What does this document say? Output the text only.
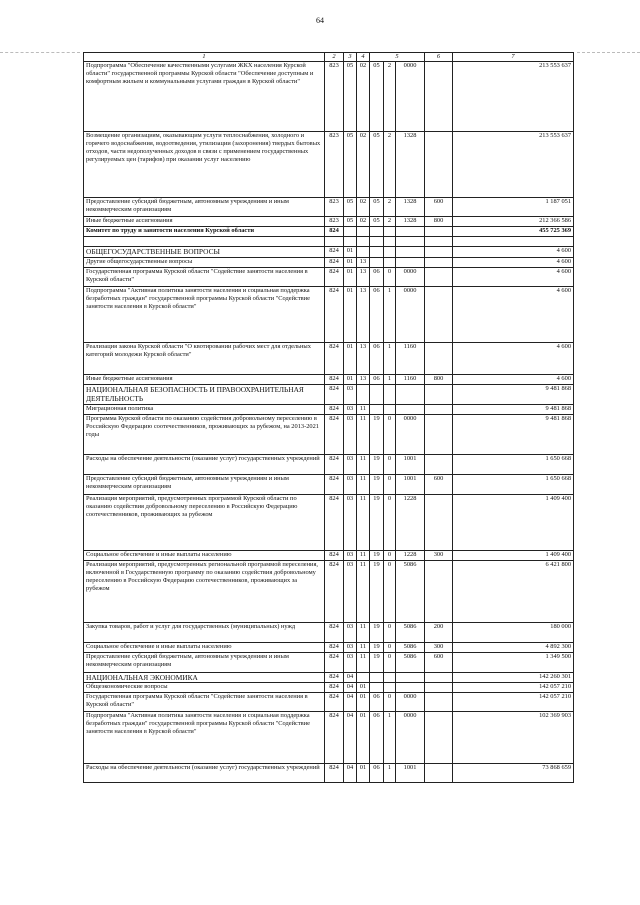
64
1	2	3	4	5			6	7
Подпрограмма "Обеспечение качественными услугами ЖКХ населения Курской области" государственной программы Курской области "Обеспечение доступным и комфортным жильем и коммунальными услугами граждан в Курской области"	823	05	02	05	2	0000		213 553 637
Возмещение организациям, оказывающим услуги теплоснабжения, холодного и горячего водоснабжения, водоотведения, утилизации (захоронения) твердых бытовых отходов, части недополученных доходов в связи с применением государственных регулируемых цен (тарифов) при оказании услуг населению	823	05	02	05	2	1328		213 553 637
Предоставление субсидий бюджетным, автономным учреждениям и иным некоммерческим организациям	823	05	02	05	2	1328	600	1 187 051
Иные бюджетные ассигнования	823	05	02	05	2	1328	800	212 366 586
Комитет по труду и занятости населения Курской области	824							455 725 369

ОБЩЕГОСУДАРСТВЕННЫЕ ВОПРОСЫ	824	01						4 600
Другие общегосударственные вопросы	824	01	13					4 600
Государственная программа Курской области "Содействие занятости населения в Курской области"	824	01	13	06	0	0000		4 600
Подпрограмма "Активная политика занятости населения и социальная поддержка безработных граждан" государственной программы Курской области "Содействие занятости населения в Курской области"	824	01	13	06	1	0000		4 600
Реализация закона Курской области "О квотировании рабочих мест для отдельных категорий молодежи Курской области"	824	01	13	06	1	1160		4 600
Иные бюджетные ассигнования	824	01	13	06	1	1160	800	4 600
НАЦИОНАЛЬНАЯ БЕЗОПАСНОСТЬ И ПРАВООХРАНИТЕЛЬНАЯ ДЕЯТЕЛЬНОСТЬ	824	03						9 481 868
Миграционная политика	824	03	11					9 481 868
Программа Курской области по оказанию содействия добровольному переселению в Российскую Федерацию соотечественников, проживающих за рубежом, на 2013-2021 годы	824	03	11	19	0	0000		9 481 868
Расходы на обеспечение деятельности (оказание услуг) государственных учреждений	824	03	11	19	0	1001		1 650 668
Предоставление субсидий бюджетным, автономным учреждениям и иным некоммерческим организациям	824	03	11	19	0	1001	600	1 650 668
Реализация мероприятий, предусмотренных программой Курской области по оказанию содействия добровольному переселению в Российскую Федерацию соотечественников, проживающих за рубежом	824	03	11	19	0	1228		1 409 400
Социальное обеспечение и иные выплаты населению	824	03	11	19	0	1228	300	1 409 400
Реализация мероприятий, предусмотренных региональной программой переселения, включенной в Государственную программу по оказанию содействия добровольному переселению в Российскую Федерацию соотечественников, проживающих за рубежом	824	03	11	19	0	5086		6 421 800
Закупка товаров, работ и услуг для государственных (муниципальных) нужд	824	03	11	19	0	5086	200	180 000
Социальное обеспечение и иные выплаты населению	824	03	11	19	0	5086	300	4 892 300
Предоставление субсидий бюджетным, автономным учреждениям и иным некоммерческим организациям	824	03	11	19	0	5086	600	1 349 500
НАЦИОНАЛЬНАЯ ЭКОНОМИКА	824	04						142 260 301
Общеэкономические вопросы	824	04	01					142 057 210
Государственная программа Курской области "Содействие занятости населения в Курской области"	824	04	01	06	0	0000		142 057 210
Подпрограмма "Активная политика занятости населения и социальная поддержка безработных граждан" государственной программы Курской области "Содействие занятости населения в Курской области"	824	04	01	06	1	0000		102 369 903
Расходы на обеспечение деятельности (оказание услуг) государственных учреждений	824	04	01	06	1	1001		73 868 659
